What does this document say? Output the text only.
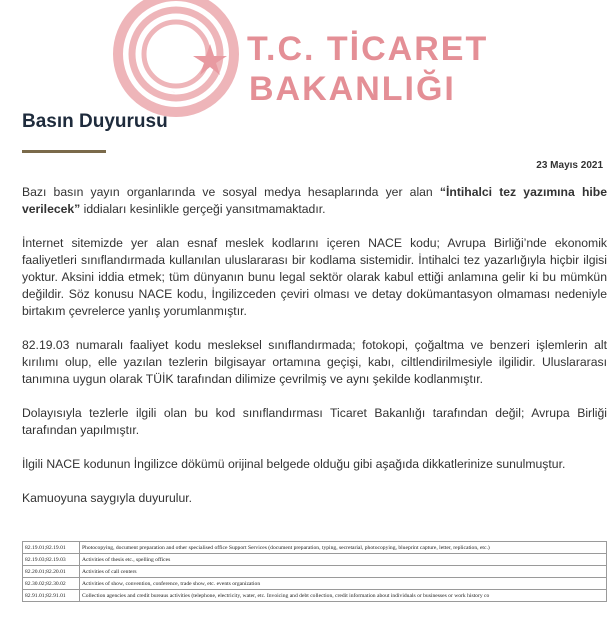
T.C. TİCARET
BAKANLIĞI
Basın Duyurusu
23 Mayıs 2021

Bazı basın yayın organlarında ve sosyal medya hesaplarında yer alan “İntihalci tez yazımına hibe verilecek” iddiaları kesinlikle gerçeği yansıtmamaktadır.

İnternet sitemizde yer alan esnaf meslek kodlarını içeren NACE kodu; Avrupa Birliği’nde ekonomik faaliyetleri sınıflandırmada kullanılan uluslararası bir kodlama sistemidir. İntihalci tez yazarlığıyla hiçbir ilgisi yoktur. Aksini iddia etmek; tüm dünyanın bunu legal sektör olarak kabul ettiği anlamına gelir ki bu mümkün değildir. Söz konusu NACE kodu, İngilizceden çeviri olması ve detay dokümantasyon olmaması nedeniyle birtakım çevrelerce yanlış yorumlanmıştır.

82.19.03 numaralı faaliyet kodu mesleksel sınıflandırmada; fotokopi, çoğaltma ve benzeri işlemlerin alt kırılımı olup, elle yazılan tezlerin bilgisayar ortamına geçişi, kabı, ciltlendirilmesiyle ilgilidir. Uluslararası tanımına uygun olarak TÜİK tarafından dilimize çevrilmiş ve aynı şekilde kodlanmıştır.

Dolayısıyla tezlerle ilgili olan bu kod sınıflandırması Ticaret Bakanlığı tarafından değil; Avrupa Birliği tarafından yapılmıştır.

İlgili NACE kodunun İngilizce dökümü orijinal belgede olduğu gibi aşağıda dikkatlerinize sunulmuştur.

Kamuoyuna saygıyla duyurulur.

82.19.01;82.19.01	Photocopying, document preparation and other specialised office Support Services (document preparation, typing, secretarial, photocopying, blueprint capture, letter, replication, etc.)
82.19.03;82.19.03	Activities of thesis etc., spelling offices
82.20.01;82.20.01	Activities of call centers
82.30.02;82.30.02	Activities of show, convention, conference, trade show, etc. events organization
82.91.01;82.91.01	Collection agencies and credit bureaus activities (telephone, electricity, water, etc. Invoicing and debt collection, credit information about individuals or businesses or work history co
